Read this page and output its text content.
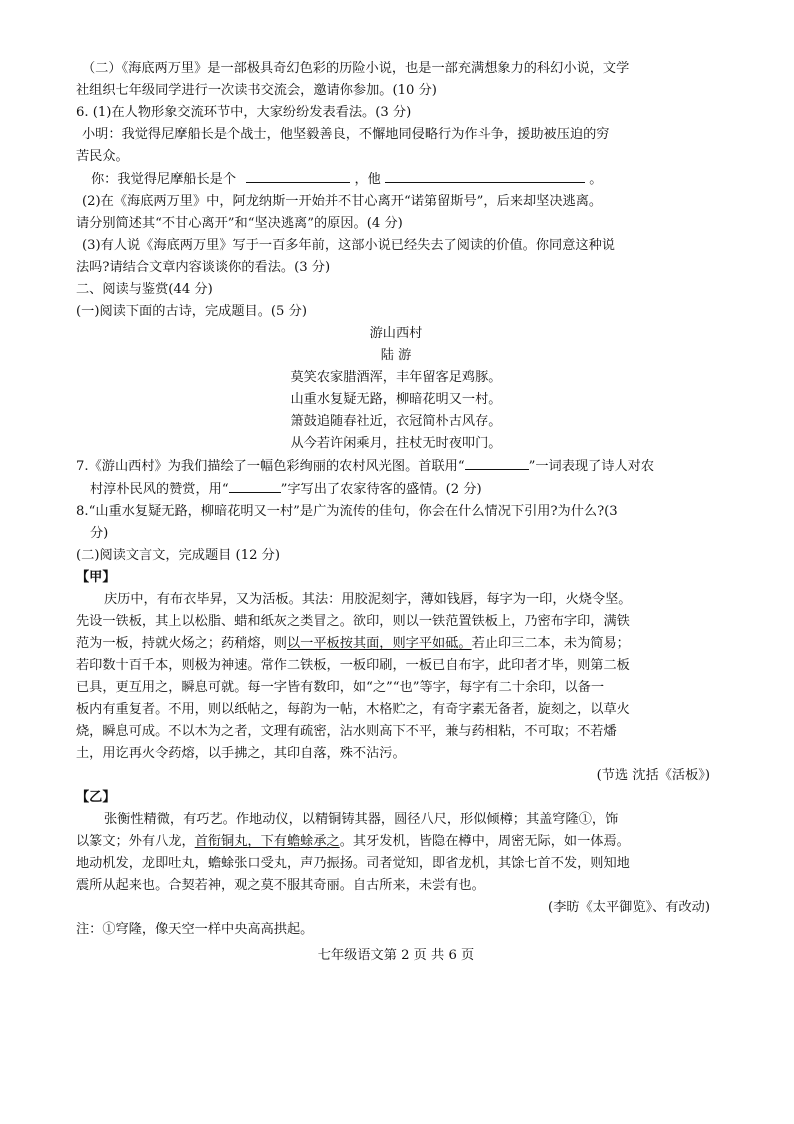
（二）《海底两万里》是一部极具奇幻色彩的历险小说，也是一部充满想象力的科幻小说，文学
社组织七年级同学进行一次读书交流会，邀请你参加。(10 分)
6. (1)在人物形象交流环节中，大家纷纷发表看法。(3 分)
小明：我觉得尼摩船长是个战士，他坚毅善良，不懈地同侵略行为作斗争，援助被压迫的穷
苦民众。
你：我觉得尼摩船长是个	，他	。
(2)在《海底两万里》中，阿龙纳斯一开始并不甘心离开“诺第留斯号”，后来却坚决逃离。
请分别简述其“不甘心离开”和“坚决逃离”的原因。(4 分)
(3)有人说《海底两万里》写于一百多年前，这部小说已经失去了阅读的价值。你同意这种说
法吗?请结合文章内容谈谈你的看法。(3 分)
二、阅读与鉴赏(44 分)
(一)阅读下面的古诗，完成题目。(5 分)
游山西村
陆 游
莫笑农家腊酒浑，丰年留客足鸡豚。
山重水复疑无路，柳暗花明又一村。
箫鼓追随春社近，衣冠简朴古风存。
从今若许闲乘月，拄杖无时夜叩门。
7.《游山西村》为我们描绘了一幅色彩绚丽的农村风光图。首联用“	”一词表现了诗人对农
村淳朴民风的赞赏，用“	”字写出了农家待客的盛情。(2 分)
8.“山重水复疑无路，柳暗花明又一村”是广为流传的佳句，你会在什么情况下引用?为什么?(3
分)
(二)阅读文言文，完成题目 (12 分)
【甲】
庆历中，有布衣毕昇，又为活板。其法：用胶泥刻字，薄如钱唇，每字为一印，火烧令坚。
先设一铁板，其上以松脂、蜡和纸灰之类冒之。欲印，则以一铁范置铁板上，乃密布字印，满铁
范为一板，持就火炀之；药稍熔，则以一平板按其面，则字平如砥。若止印三二本，未为简易；
若印数十百千本，则极为神速。常作二铁板，一板印刷，一板已自布字，此印者才毕，则第二板
已具，更互用之，瞬息可就。每一字皆有数印，如“之”“也”等字，每字有二十余印，以备一
板内有重复者。不用，则以纸帖之，每韵为一帖，木格贮之，有奇字素无备者，旋刻之，以草火
烧，瞬息可成。不以木为之者，文理有疏密，沾水则高下不平，兼与药相粘，不可取；不若燔
土，用讫再火令药熔，以手拂之，其印自落，殊不沾污。
(节选 沈括《活板》)
【乙】
张衡性精微，有巧艺。作地动仪，以精铜铸其器，圆径八尺，形似倾樽；其盖穹隆①，饰
以篆文；外有八龙，首衔铜丸，下有蟾蜍承之。其牙发机，皆隐在樽中，周密无际，如一体焉。
地动机发，龙即吐丸，蟾蜍张口受丸，声乃振扬。司者觉知，即省龙机，其馀七首不发，则知地
震所从起来也。合契若神，观之莫不服其奇丽。自古所来，未尝有也。
(李昉《太平御览》、有改动)
注：①穹隆，像天空一样中央高高拱起。
七年级语文第 2 页 共 6 页
